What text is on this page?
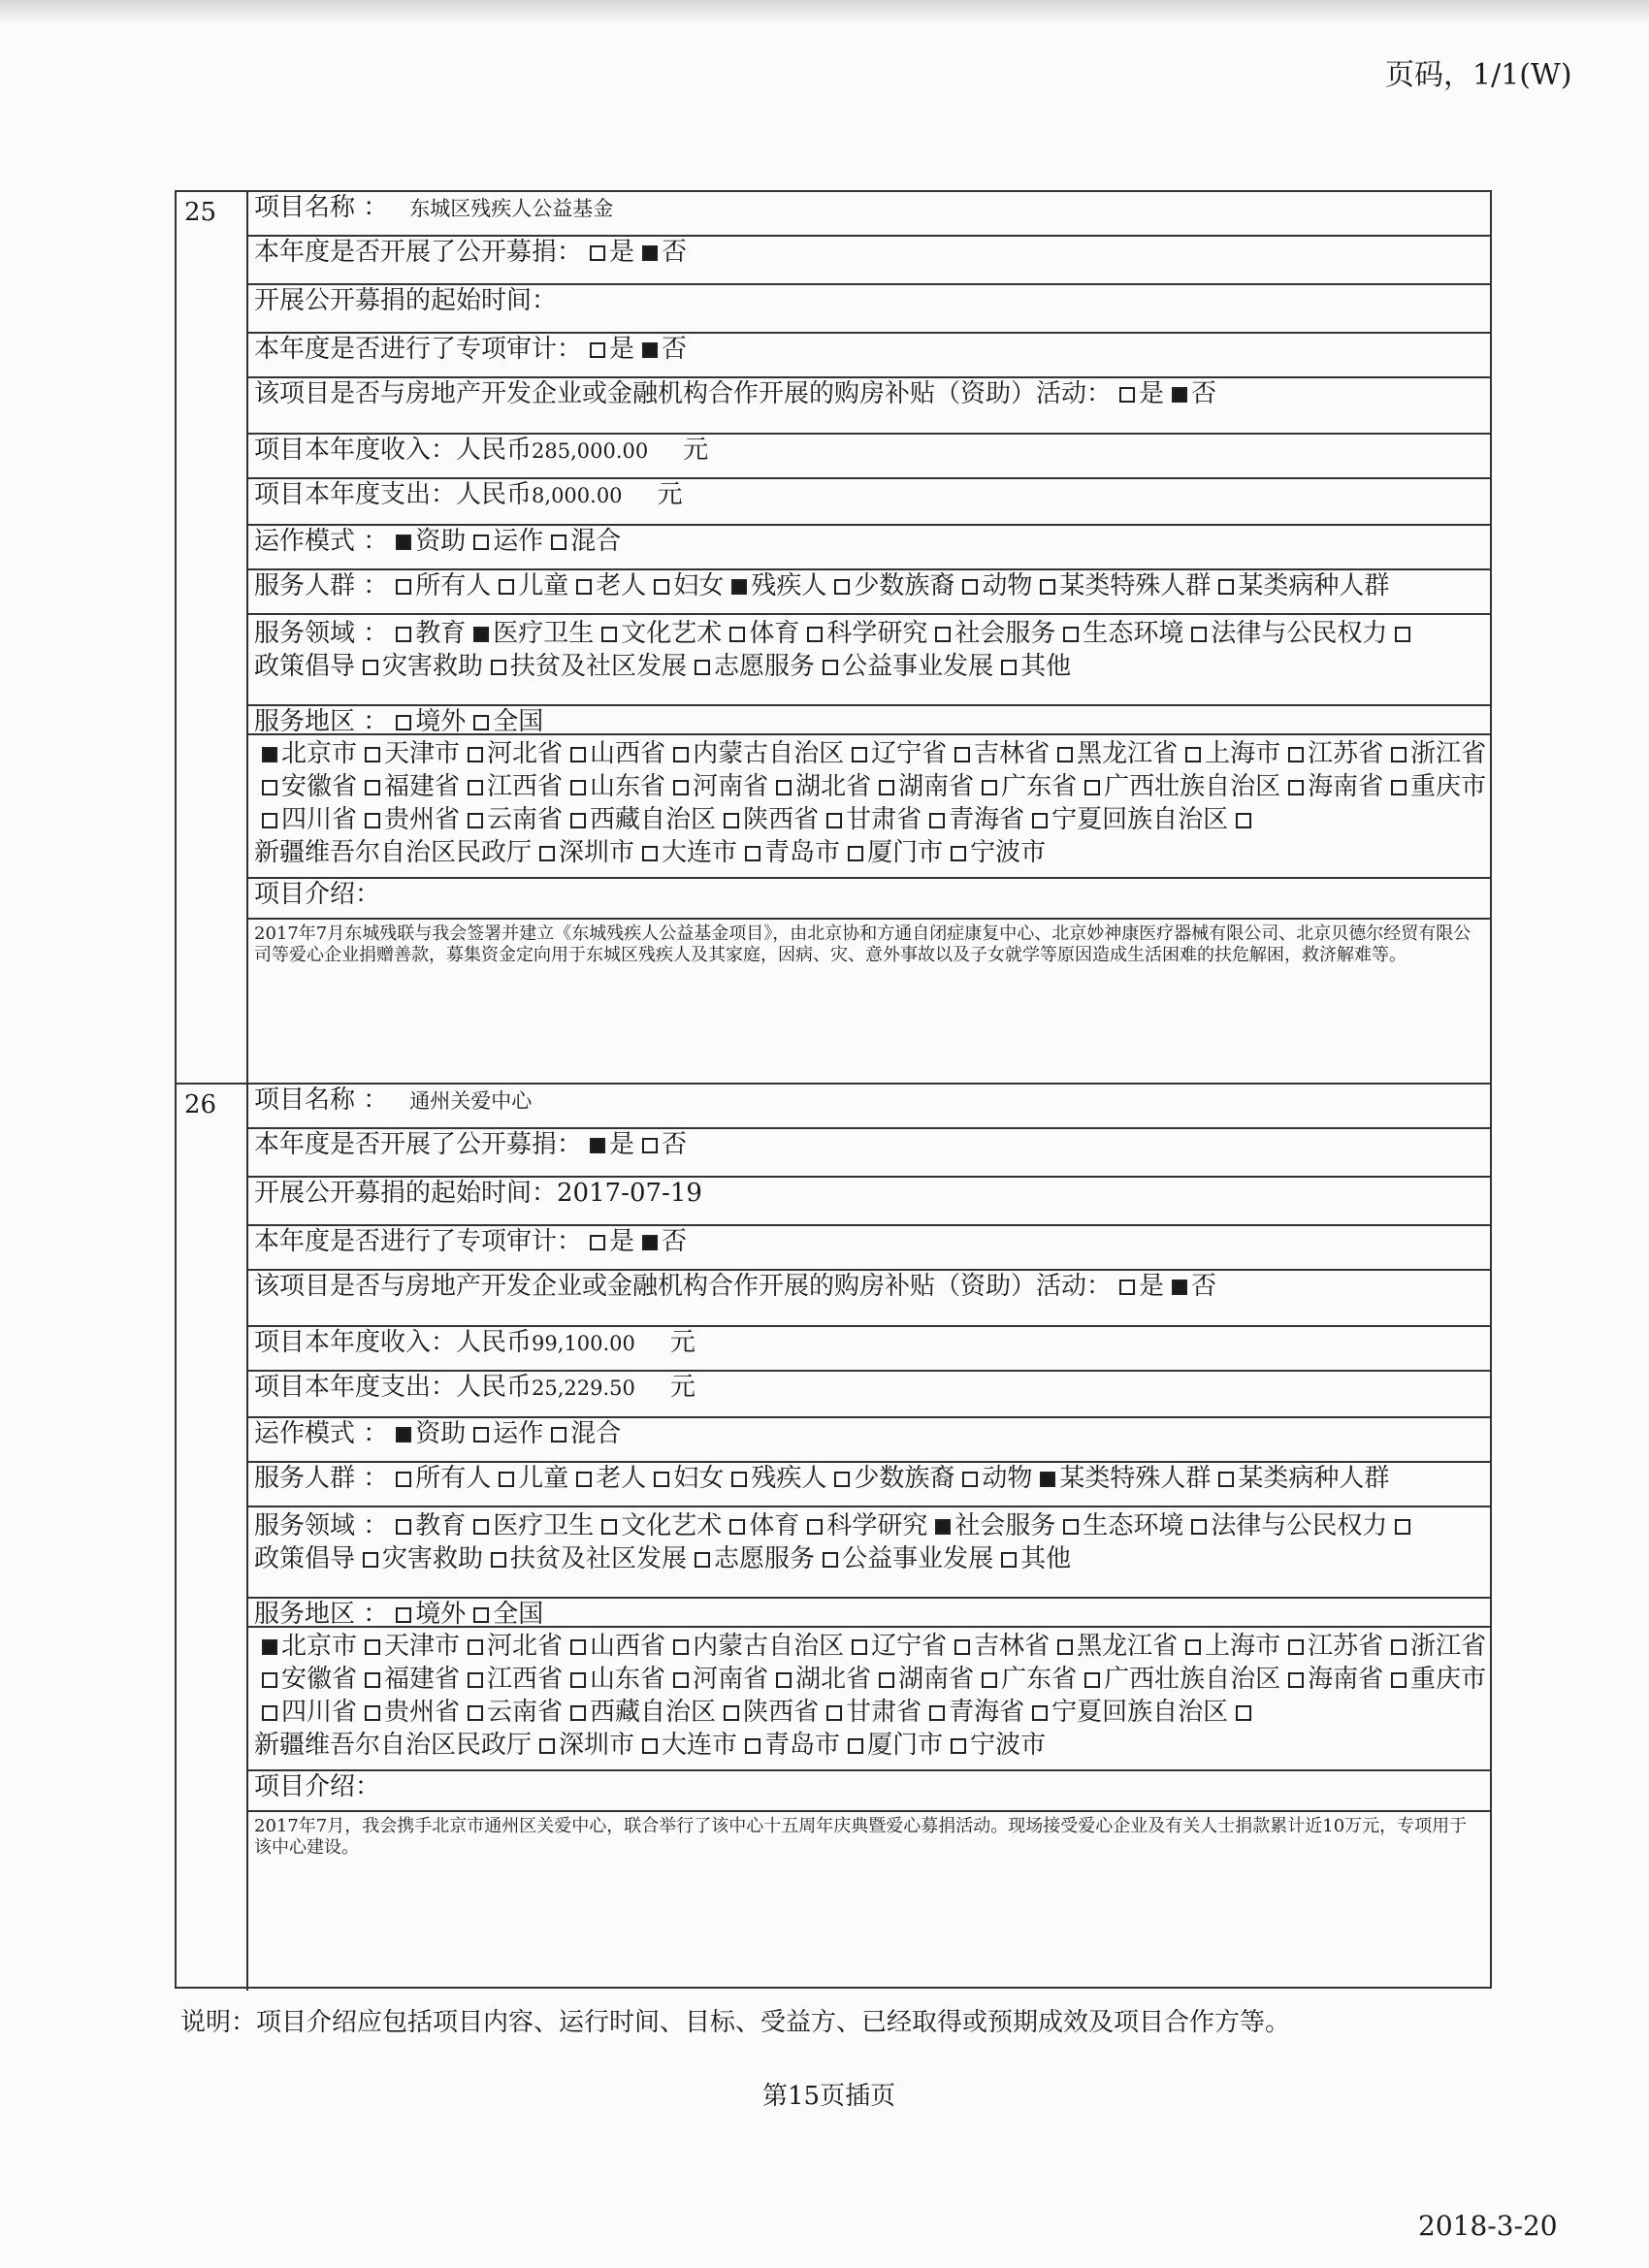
页码，1/1(W)
25 项目名称 ： 东城区残疾人公益基金
本年度是否开展了公开募捐： 是 否
开展公开募捐的起始时间：
本年度是否进行了专项审计： 是 否
该项目是否与房地产开发企业或金融机构合作开展的购房补贴（资助）活动： 是 否
项目本年度收入：人民币285,000.00 元
项目本年度支出：人民币8,000.00 元
运作模式 ： 资助 运作 混合
服务人群 ： 所有人 儿童 老人 妇女 残疾人 少数族裔 动物 某类特殊人群 某类病种人群
服务领域 ： 教育 医疗卫生 文化艺术 体育 科学研究 社会服务 生态环境 法律与公民权力政策倡导 灾害救助 扶贫及社区发展 志愿服务 公益事业发展 其他
服务地区 ： 境外 全国
北京市 天津市 河北省 山西省 内蒙古自治区 辽宁省 吉林省 黑龙江省 上海市 江苏省 浙江省安徽省 福建省 江西省 山东省 河南省 湖北省 湖南省 广东省 广西壮族自治区 海南省 重庆市四川省 贵州省 云南省 西藏自治区 陕西省 甘肃省 青海省 宁夏回族自治区新疆维吾尔自治区民政厅 深圳市 大连市 青岛市 厦门市 宁波市
项目介绍：
2017年7月东城残联与我会签署并建立《东城残疾人公益基金项目》，由北京协和方通自闭症康复中心、北京妙神康医疗器械有限公司、北京贝德尔经贸有限公司等爱心企业捐赠善款，募集资金定向用于东城区残疾人及其家庭，因病、灾、意外事故以及子女就学等原因造成生活困难的扶危解困，救济解难等。
26 项目名称 ： 通州关爱中心
本年度是否开展了公开募捐： 是 否
开展公开募捐的起始时间：2017-07-19
本年度是否进行了专项审计： 是 否
该项目是否与房地产开发企业或金融机构合作开展的购房补贴（资助）活动： 是 否
项目本年度收入：人民币99,100.00 元
项目本年度支出：人民币25,229.50 元
运作模式 ： 资助 运作 混合
服务人群 ： 所有人 儿童 老人 妇女 残疾人 少数族裔 动物 某类特殊人群 某类病种人群
服务领域 ： 教育 医疗卫生 文化艺术 体育 科学研究 社会服务 生态环境 法律与公民权力政策倡导 灾害救助 扶贫及社区发展 志愿服务 公益事业发展 其他
服务地区 ： 境外 全国
北京市 天津市 河北省 山西省 内蒙古自治区 辽宁省 吉林省 黑龙江省 上海市 江苏省 浙江省安徽省 福建省 江西省 山东省 河南省 湖北省 湖南省 广东省 广西壮族自治区 海南省 重庆市四川省 贵州省 云南省 西藏自治区 陕西省 甘肃省 青海省 宁夏回族自治区新疆维吾尔自治区民政厅 深圳市 大连市 青岛市 厦门市 宁波市
项目介绍：
2017年7月，我会携手北京市通州区关爱中心，联合举行了该中心十五周年庆典暨爱心募捐活动。现场接受爱心企业及有关人士捐款累计近10万元，专项用于该中心建设。
说明：项目介绍应包括项目内容、运行时间、目标、受益方、已经取得或预期成效及项目合作方等。
第15页插页
2018-3-20
